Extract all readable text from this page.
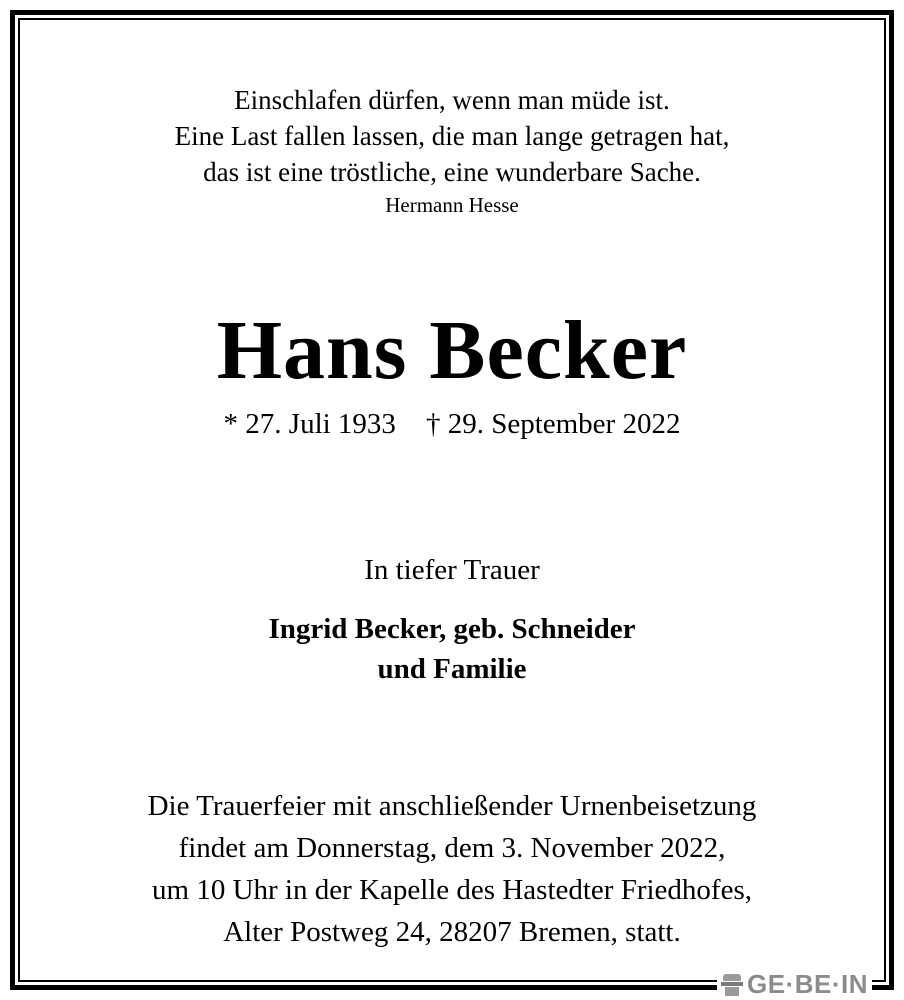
Einschlafen dürfen, wenn man müde ist.
Eine Last fallen lassen, die man lange getragen hat,
das ist eine tröstliche, eine wunderbare Sache.
Hermann Hesse
Hans Becker
* 27. Juli 1933 † 29. September 2022
In tiefer Trauer
Ingrid Becker, geb. Schneider
und Familie
Die Trauerfeier mit anschließender Urnenbeisetzung
findet am Donnerstag, dem 3. November 2022,
um 10 Uhr in der Kapelle des Hastedter Friedhofes,
Alter Postweg 24, 28207 Bremen, statt.
GE·BE·IN
